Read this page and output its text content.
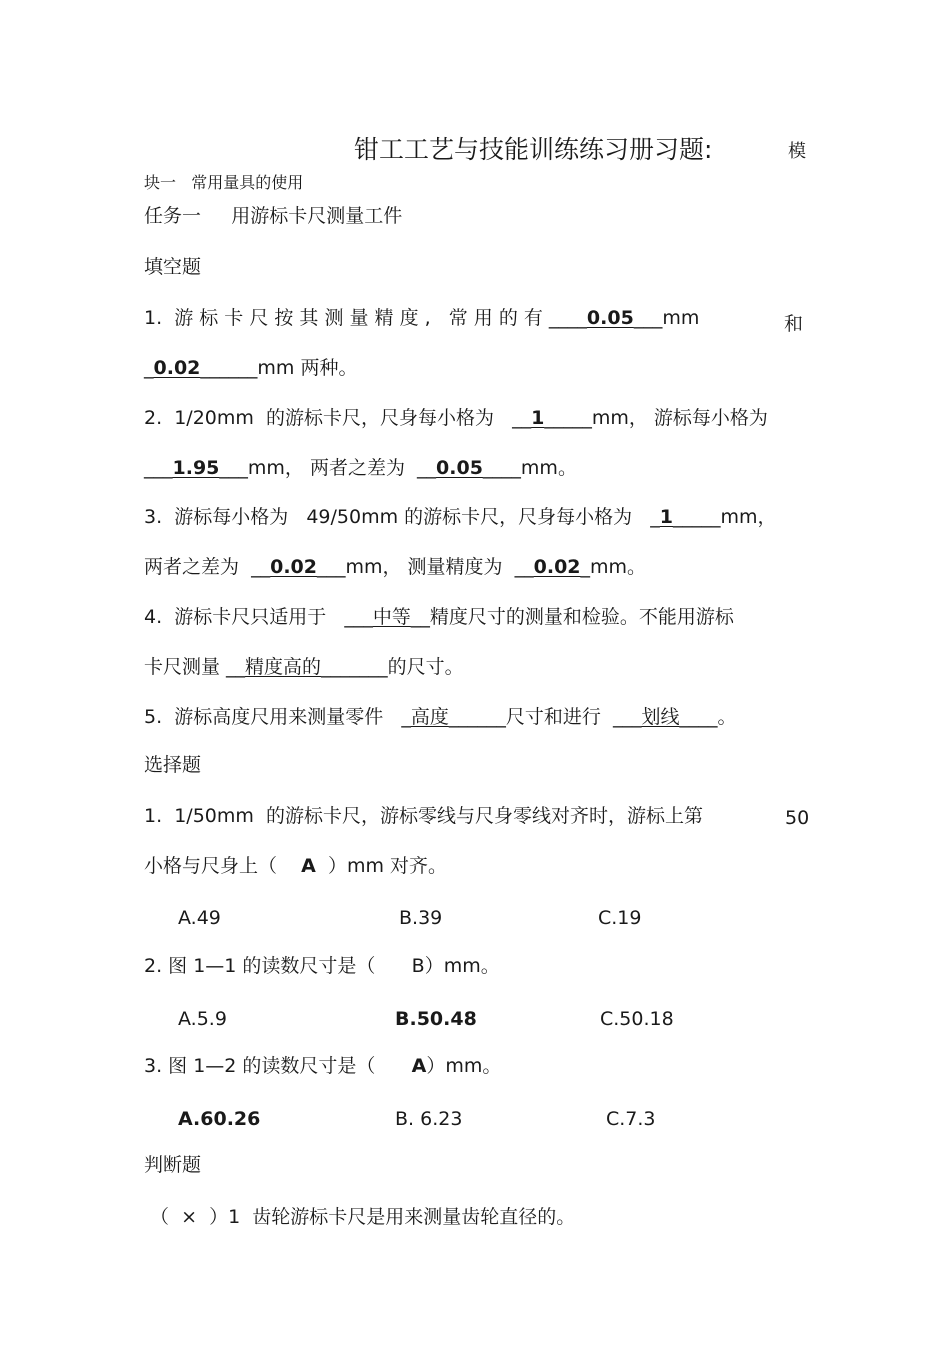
钳工工艺与技能训练练习册习题:	模
块一   常用量具的使用
任务一     用游标卡尺测量工件
填空题
1.  游 标 卡 尺 按 其 测 量 精 度 ,   常 用 的 有 ____0.05___mm	和
_0.02______mm 两种。
2.  1/20mm  的游标卡尺，尺身每小格为   __1_____mm， 游标每小格为
___1.95___mm， 两者之差为  __0.05____mm。
3.  游标每小格为   49/50mm 的游标卡尺，尺身每小格为   _1_____mm，
两者之差为  __0.02___mm， 测量精度为  __0.02_mm。
4.  游标卡尺只适用于   ___中等__精度尺寸的测量和检验。不能用游标
卡尺测量 __精度高的_______的尺寸。
5.  游标高度尺用来测量零件   _高度______尺寸和进行  ___划线____。
选择题
1.  1/50mm  的游标卡尺，游标零线与尺身零线对齐时，游标上第	50
小格与尺身上（    A  ）mm 对齐。
A.49	B.39	C.19
2. 图 1—1 的读数尺寸是（      B）mm。
A.5.9	B.50.48	C.50.18
3. 图 1—2 的读数尺寸是（      A）mm。
A.60.26	B. 6.23	C.7.3
判断题
（  ×  ）1  齿轮游标卡尺是用来测量齿轮直径的。
